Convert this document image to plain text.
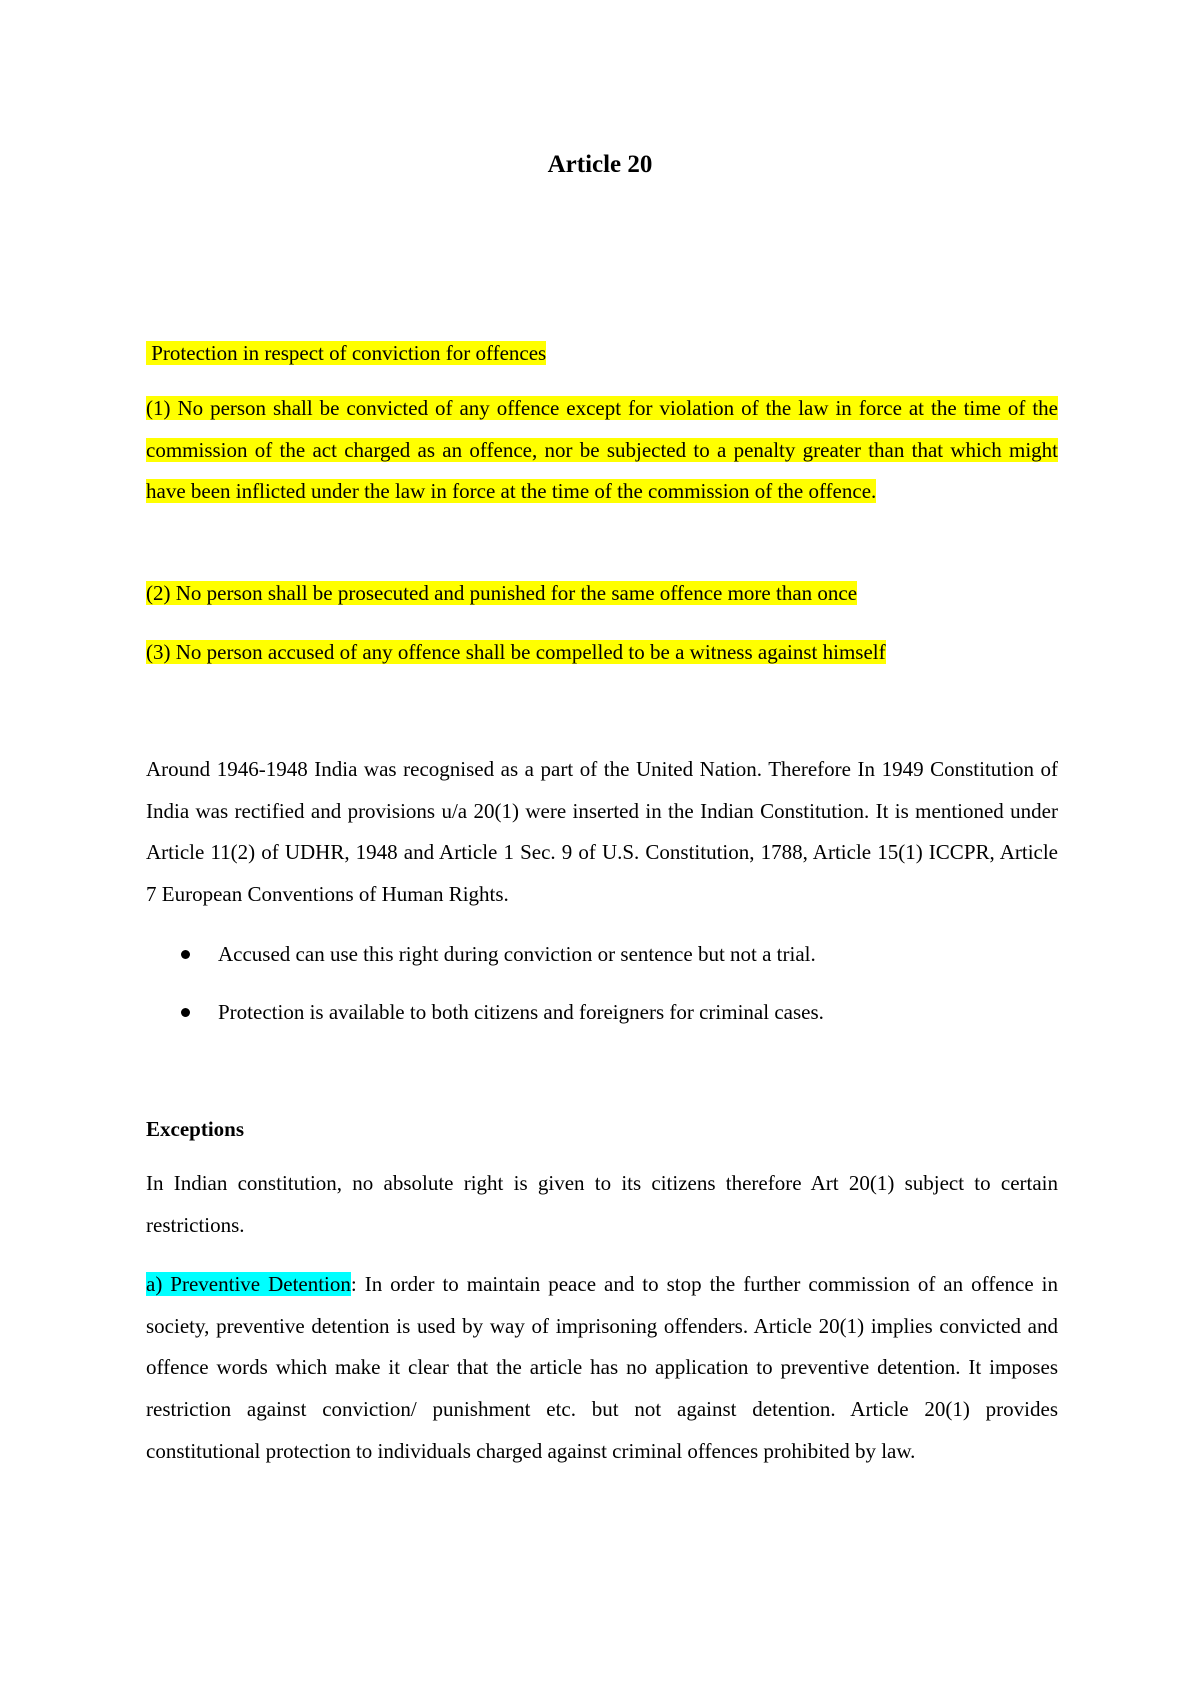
Article 20

Protection in respect of conviction for offences

(1) No person shall be convicted of any offence except for violation of the law in force at the time of the commission of the act charged as an offence, nor be subjected to a penalty greater than that which might have been inflicted under the law in force at the time of the commission of the offence.

(2) No person shall be prosecuted and punished for the same offence more than once

(3) No person accused of any offence shall be compelled to be a witness against himself

Around 1946-1948 India was recognised as a part of the United Nation. Therefore In 1949 Constitution of India was rectified and provisions u/a 20(1) were inserted in the Indian Constitution. It is mentioned under Article 11(2) of UDHR, 1948 and Article 1 Sec. 9 of U.S. Constitution, 1788, Article 15(1) ICCPR, Article 7 European Conventions of Human Rights.

Accused can use this right during conviction or sentence but not a trial.
Protection is available to both citizens and foreigners for criminal cases.
Exceptions

In Indian constitution, no absolute right is given to its citizens therefore Art 20(1) subject to certain restrictions.

a) Preventive Detention: In order to maintain peace and to stop the further commission of an offence in society, preventive detention is used by way of imprisoning offenders. Article 20(1) implies convicted and offence words which make it clear that the article has no application to preventive detention. It imposes restriction against conviction/ punishment etc. but not against detention. Article 20(1) provides constitutional protection to individuals charged against criminal offences prohibited by law.
